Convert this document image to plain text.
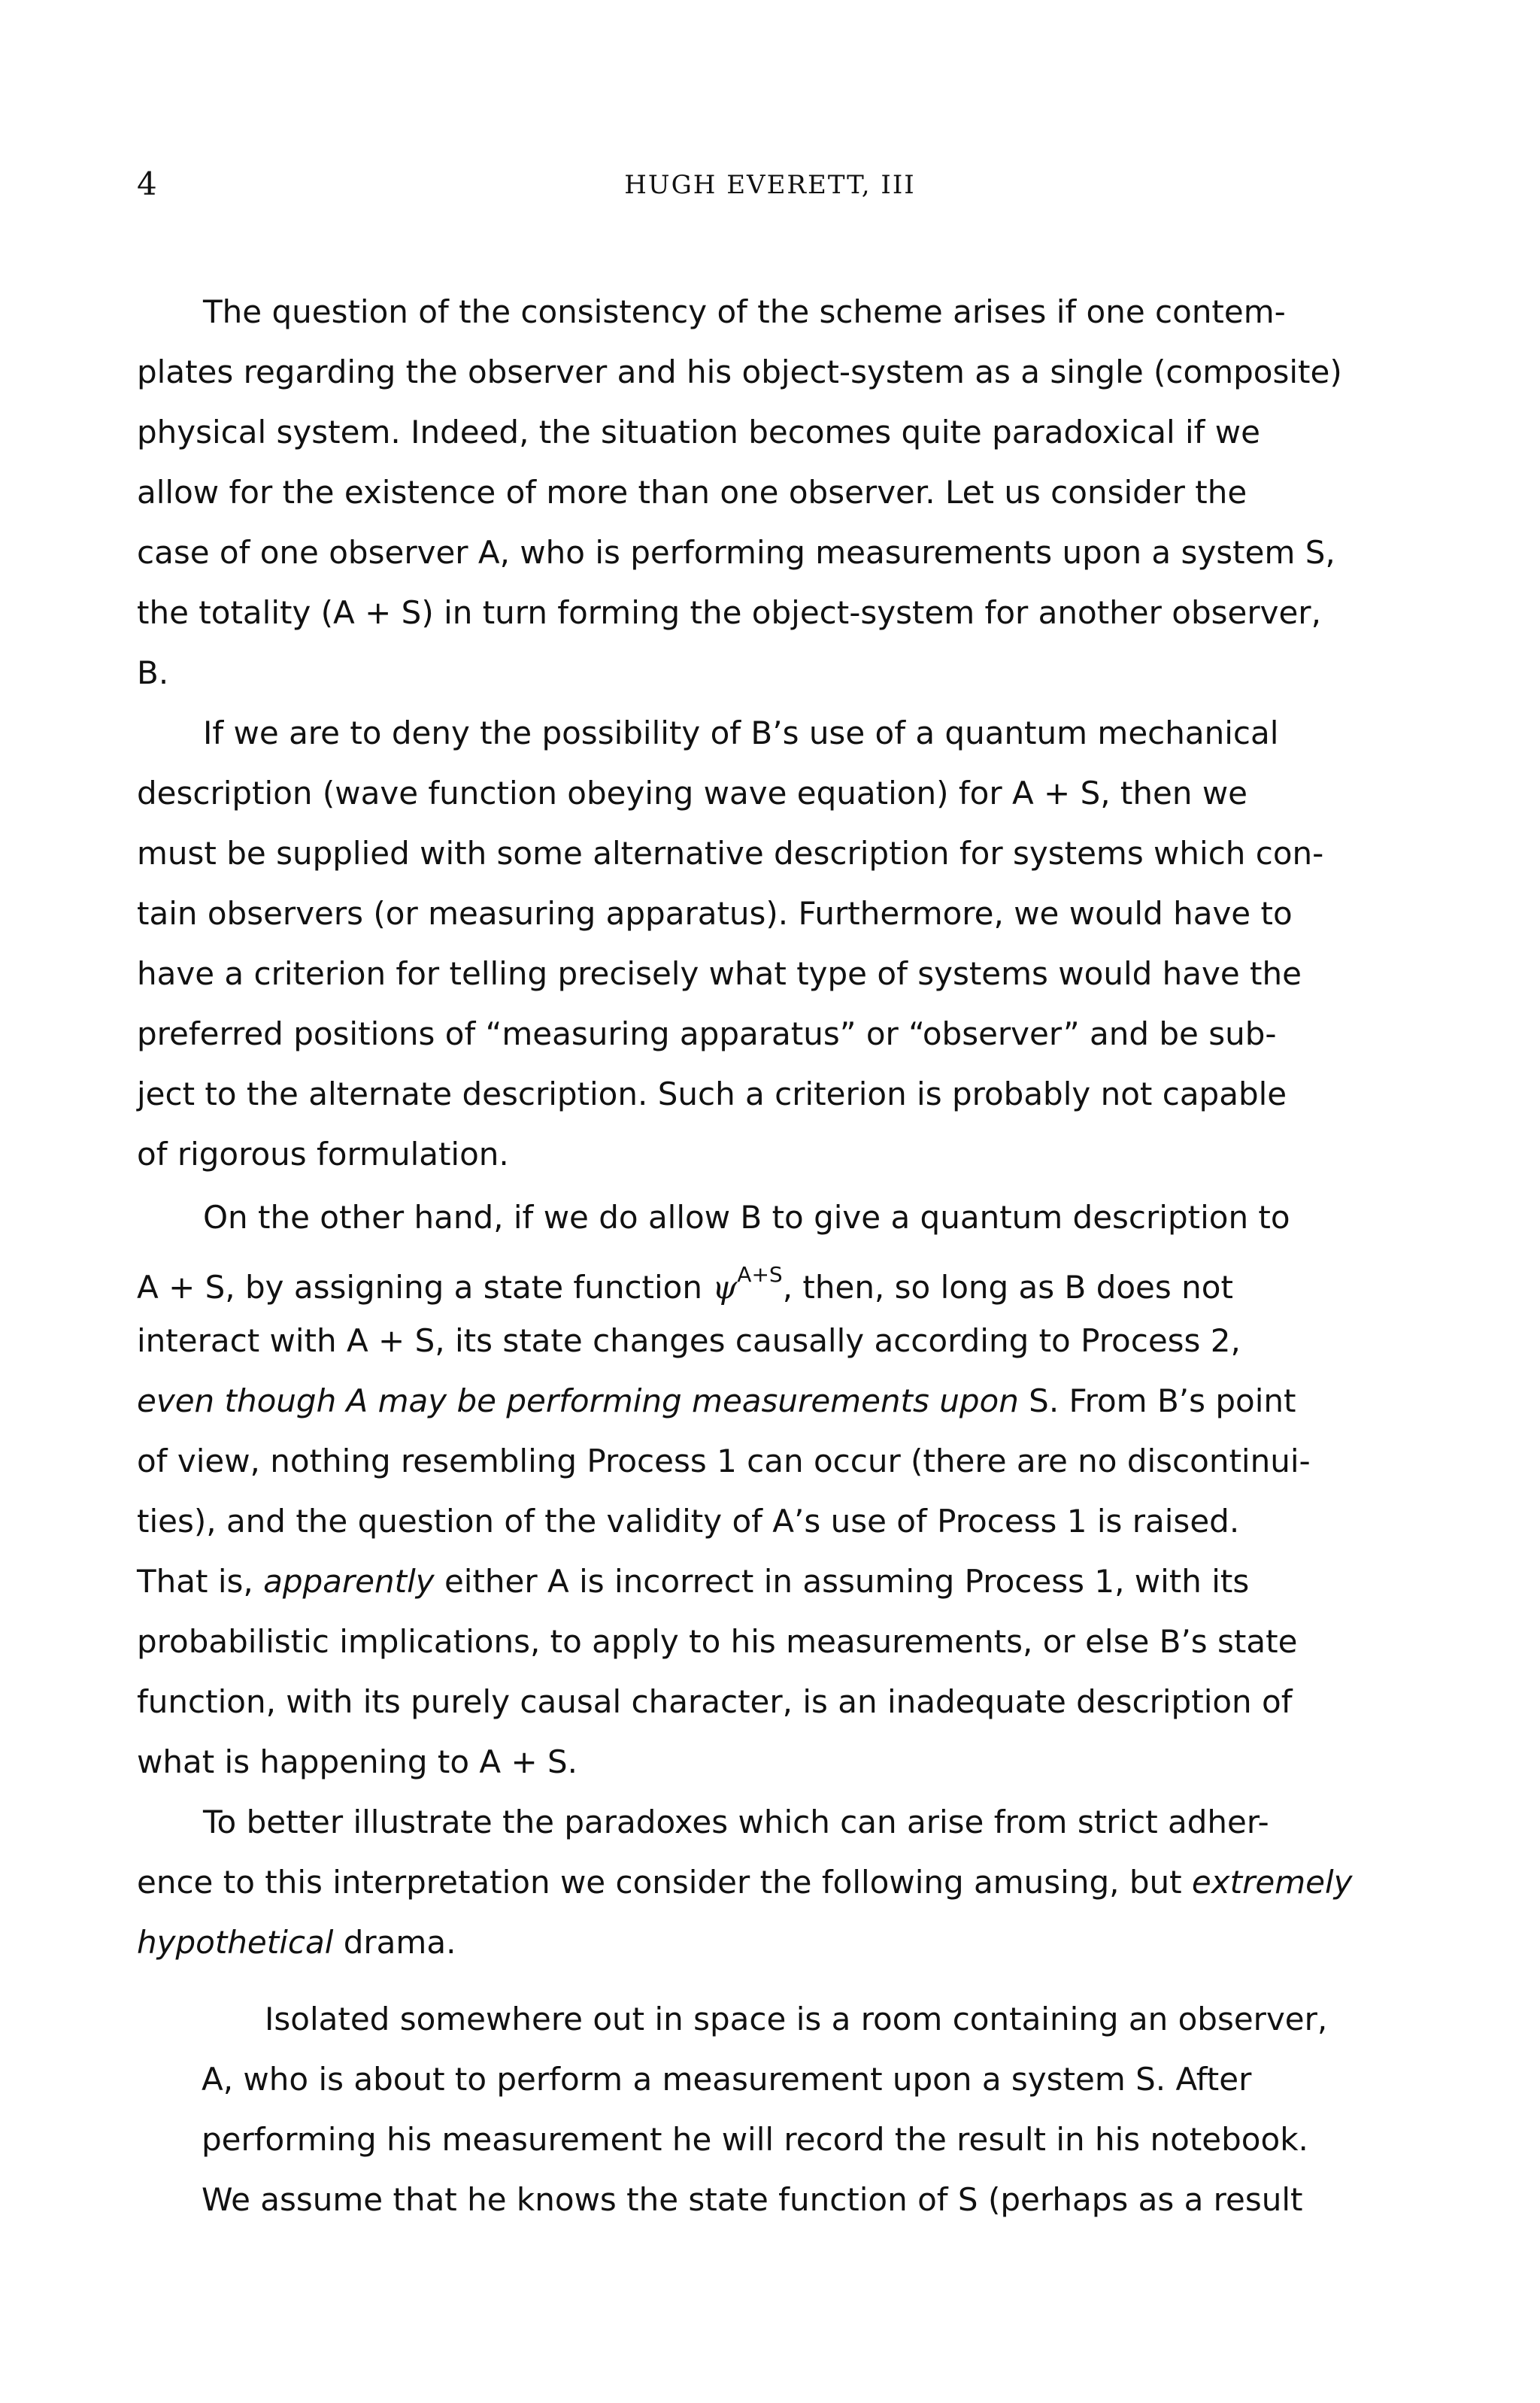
4	HUGH EVERETT, III
The question of the consistency of the scheme arises if one contem-
plates regarding the observer and his object-system as a single (composite)
physical system. Indeed, the situation becomes quite paradoxical if we
allow for the existence of more than one observer. Let us consider the
case of one observer A, who is performing measurements upon a system S,
the totality (A + S) in turn forming the object-system for another observer,
B.
If we are to deny the possibility of B’s use of a quantum mechanical
description (wave function obeying wave equation) for A + S, then we
must be supplied with some alternative description for systems which con-
tain observers (or measuring apparatus). Furthermore, we would have to
have a criterion for telling precisely what type of systems would have the
preferred positions of “measuring apparatus” or “observer” and be sub-
ject to the alternate description. Such a criterion is probably not capable
of rigorous formulation.
On the other hand, if we do allow B to give a quantum description to
A + S, by assigning a state function $\psi^{A+S}$, then, so long as B does not
interact with A + S, its state changes causally according to Process 2,
even though A may be performing measurements upon S. From B’s point
of view, nothing resembling Process 1 can occur (there are no discontinui-
ties), and the question of the validity of A’s use of Process 1 is raised.
That is, apparently either A is incorrect in assuming Process 1, with its
probabilistic implications, to apply to his measurements, or else B’s state
function, with its purely causal character, is an inadequate description of
what is happening to A + S.
To better illustrate the paradoxes which can arise from strict adher-
ence to this interpretation we consider the following amusing, but extremely
hypothetical drama.
Isolated somewhere out in space is a room containing an observer,
A, who is about to perform a measurement upon a system S. After
performing his measurement he will record the result in his notebook.
We assume that he knows the state function of S (perhaps as a result
